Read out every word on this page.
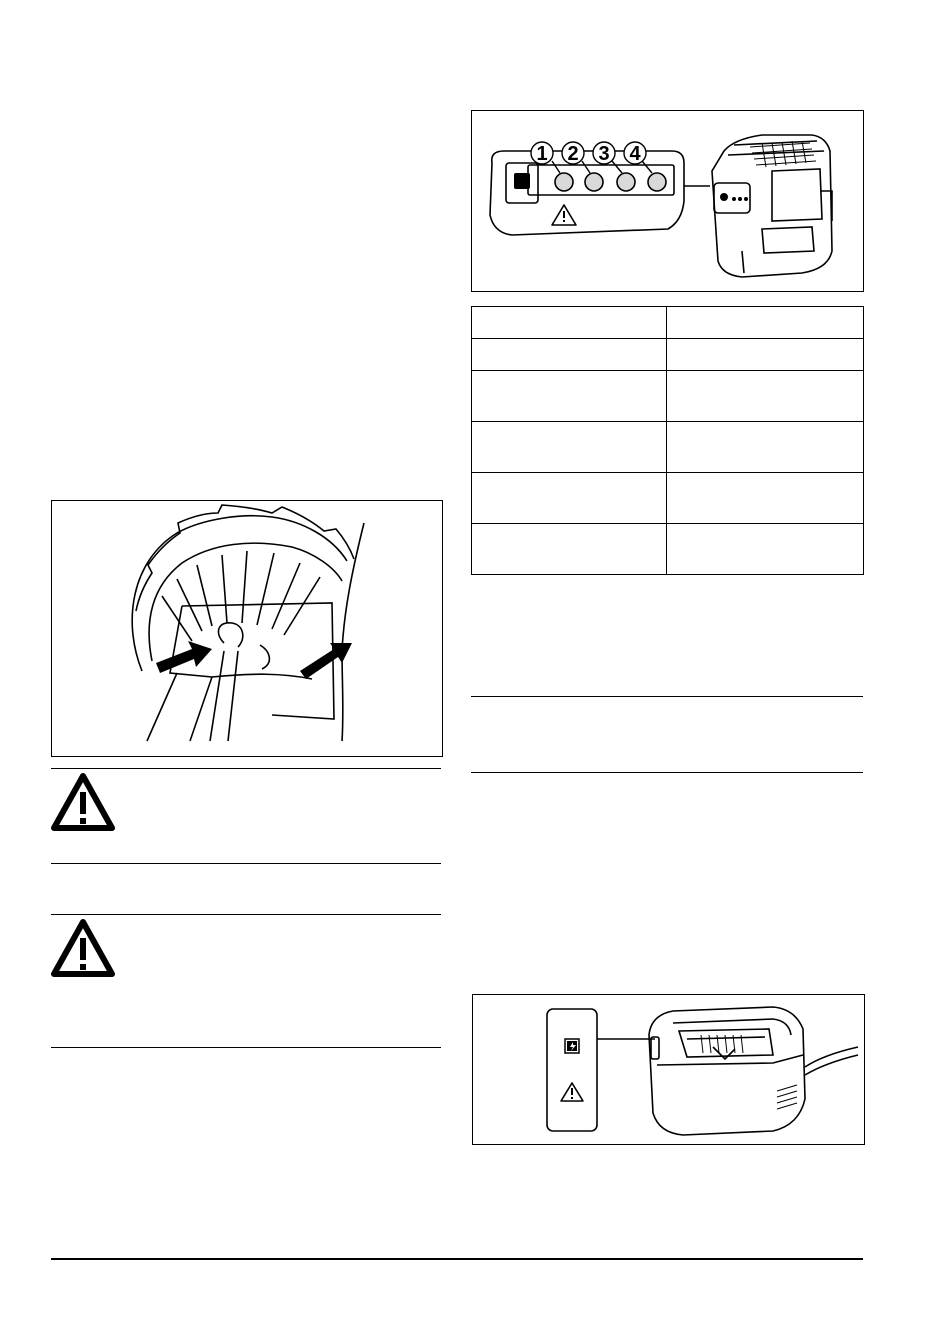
1 2 3 4
